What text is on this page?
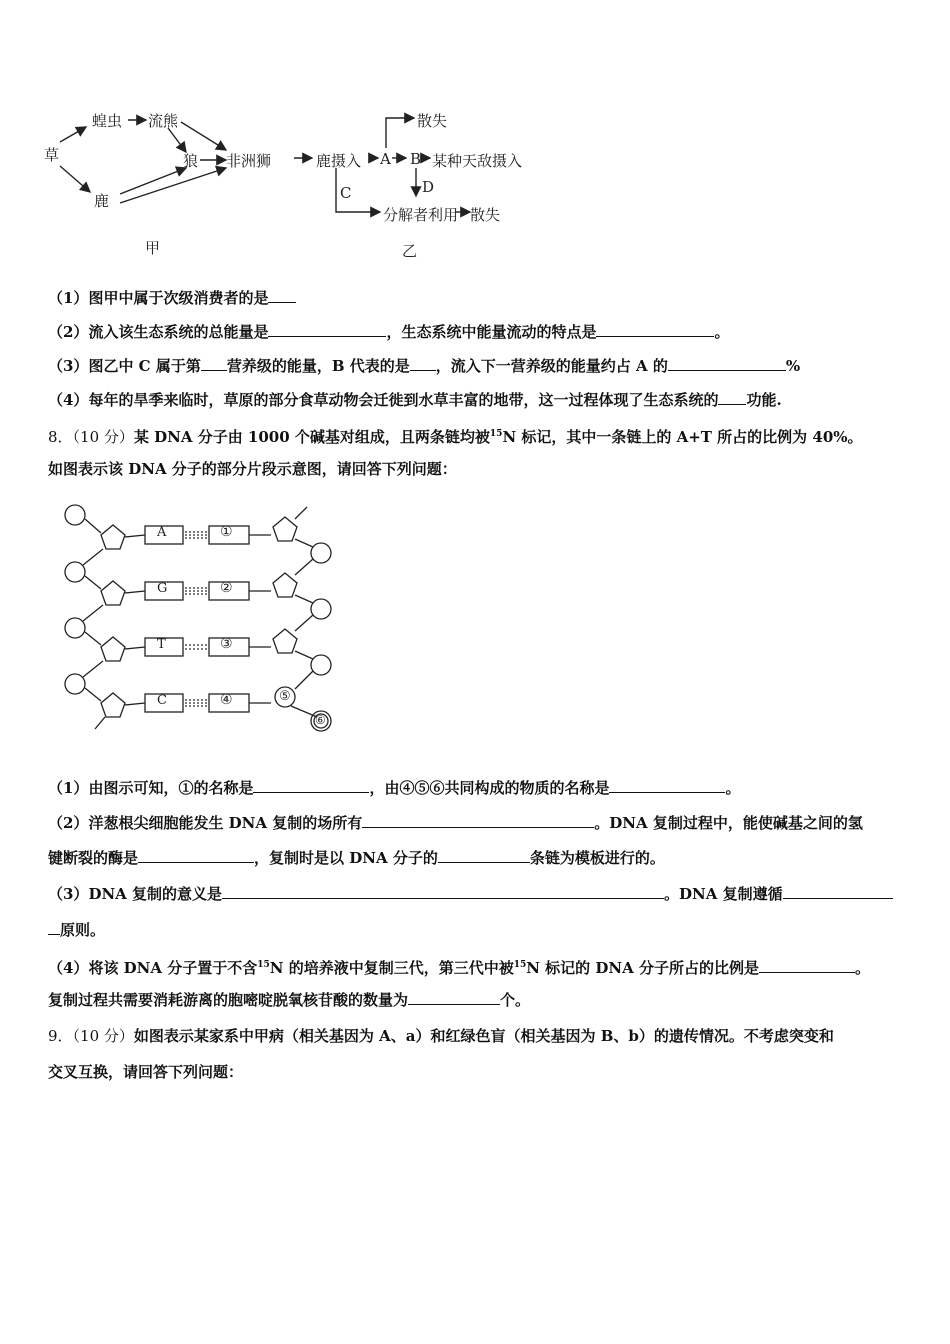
草
蝗虫 流熊
狼 非洲狮
鹿
甲
鹿摄入 A B 某种天敌摄入
散失
D
C
分解者利用 散失
乙
（1）图甲中属于次级消费者的是
（2）流入该生态系统的总能量是	，生态系统中能量流动的特点是	。
（3）图乙中 C 属于第 营养级的能量，B 代表的是 ，流入下一营养级的能量约占 A 的	%
（4）每年的旱季来临时，草原的部分食草动物会迁徙到水草丰富的地带，这一过程体现了生态系统的 功能.
8．（10 分）某 DNA 分子由 1000 个碱基对组成，且两条链均被$^{15}$N 标记，其中一条链上的 A+T 所占的比例为 40%。
如图表示该 DNA 分子的部分片段示意图，请回答下列问题：
A
G
T
C
①
②
③
④	⑤
⑥
（1）由图示可知，①的名称是	，由④⑤⑥共同构成的物质的名称是	。
（2）洋葱根尖细胞能发生 DNA 复制的场所有	。DNA 复制过程中，能使碱基之间的氢
键断裂的酶是	，复制时是以 DNA 分子的	条链为模板进行的。
（3）DNA 复制的意义是	。DNA 复制遵循
原则。
（4）将该 DNA 分子置于不含$^{15}$N 的培养液中复制三代，第三代中被$^{15}$N 标记的 DNA 分子所占的比例是	。
复制过程共需要消耗游离的胞嘧啶脱氧核苷酸的数量为	个。
9．（10 分）如图表示某家系中甲病（相关基因为 A、a）和红绿色盲（相关基因为 B、b）的遗传情况。不考虑突变和
交叉互换，请回答下列问题：
